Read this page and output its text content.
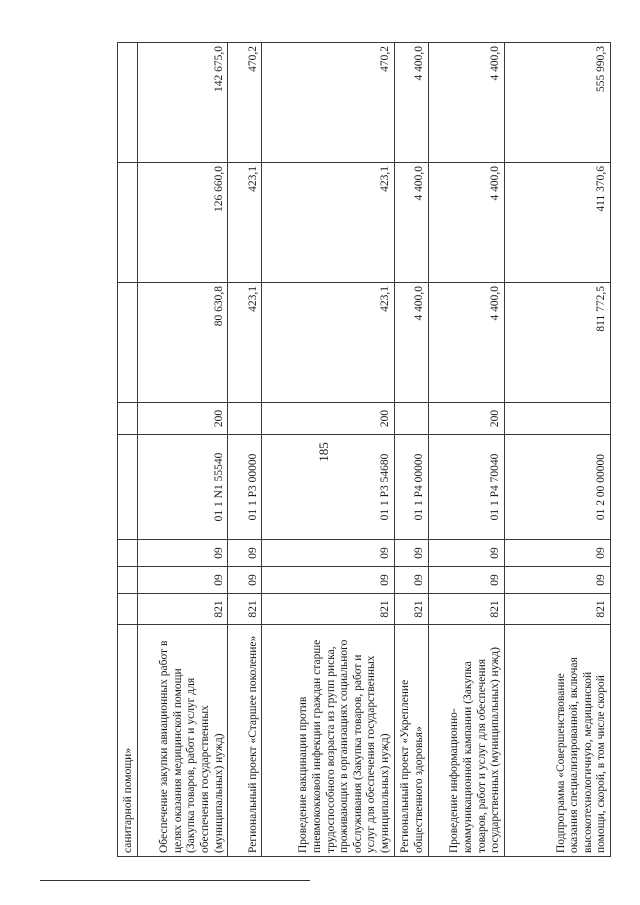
185
санитарной помощи»								
Обеспечение закупки авиационных работ в целях оказания медицинской помощи (Закупка товаров, работ и услуг для обеспечения государственных (муниципальных) нужд)	821	09	09	01 1 N1 55540	200	80 630,8	126 660,0	142 675,0
Региональный проект «Старшее поколение»	821	09	09	01 1 P3 00000		423,1	423,1	470,2
Проведение вакцинации против пневмококковой инфекции граждан старше трудоспособного возраста из групп риска, проживающих в организациях социального обслуживания (Закупка товаров, работ и услуг для обеспечения государственных (муниципальных) нужд)	821	09	09	01 1 P3 54680	200	423,1	423,1	470,2
Региональный проект «Укрепление общественного здоровья»	821	09	09	01 1 P4 00000		4 400,0	4 400,0	4 400,0
Проведение информационно-коммуникационной кампании (Закупка товаров, работ и услуг для обеспечения государственных (муниципальных) нужд)	821	09	09	01 1 P4 70040	200	4 400,0	4 400,0	4 400,0
Подпрограмма «Совершенствование оказания специализированной, включая высокотехнологичную, медицинской помощи, скорой, в том числе скорой	821	09	09	01 2 00 00000		811 772,5	411 370,6	555 990,3
